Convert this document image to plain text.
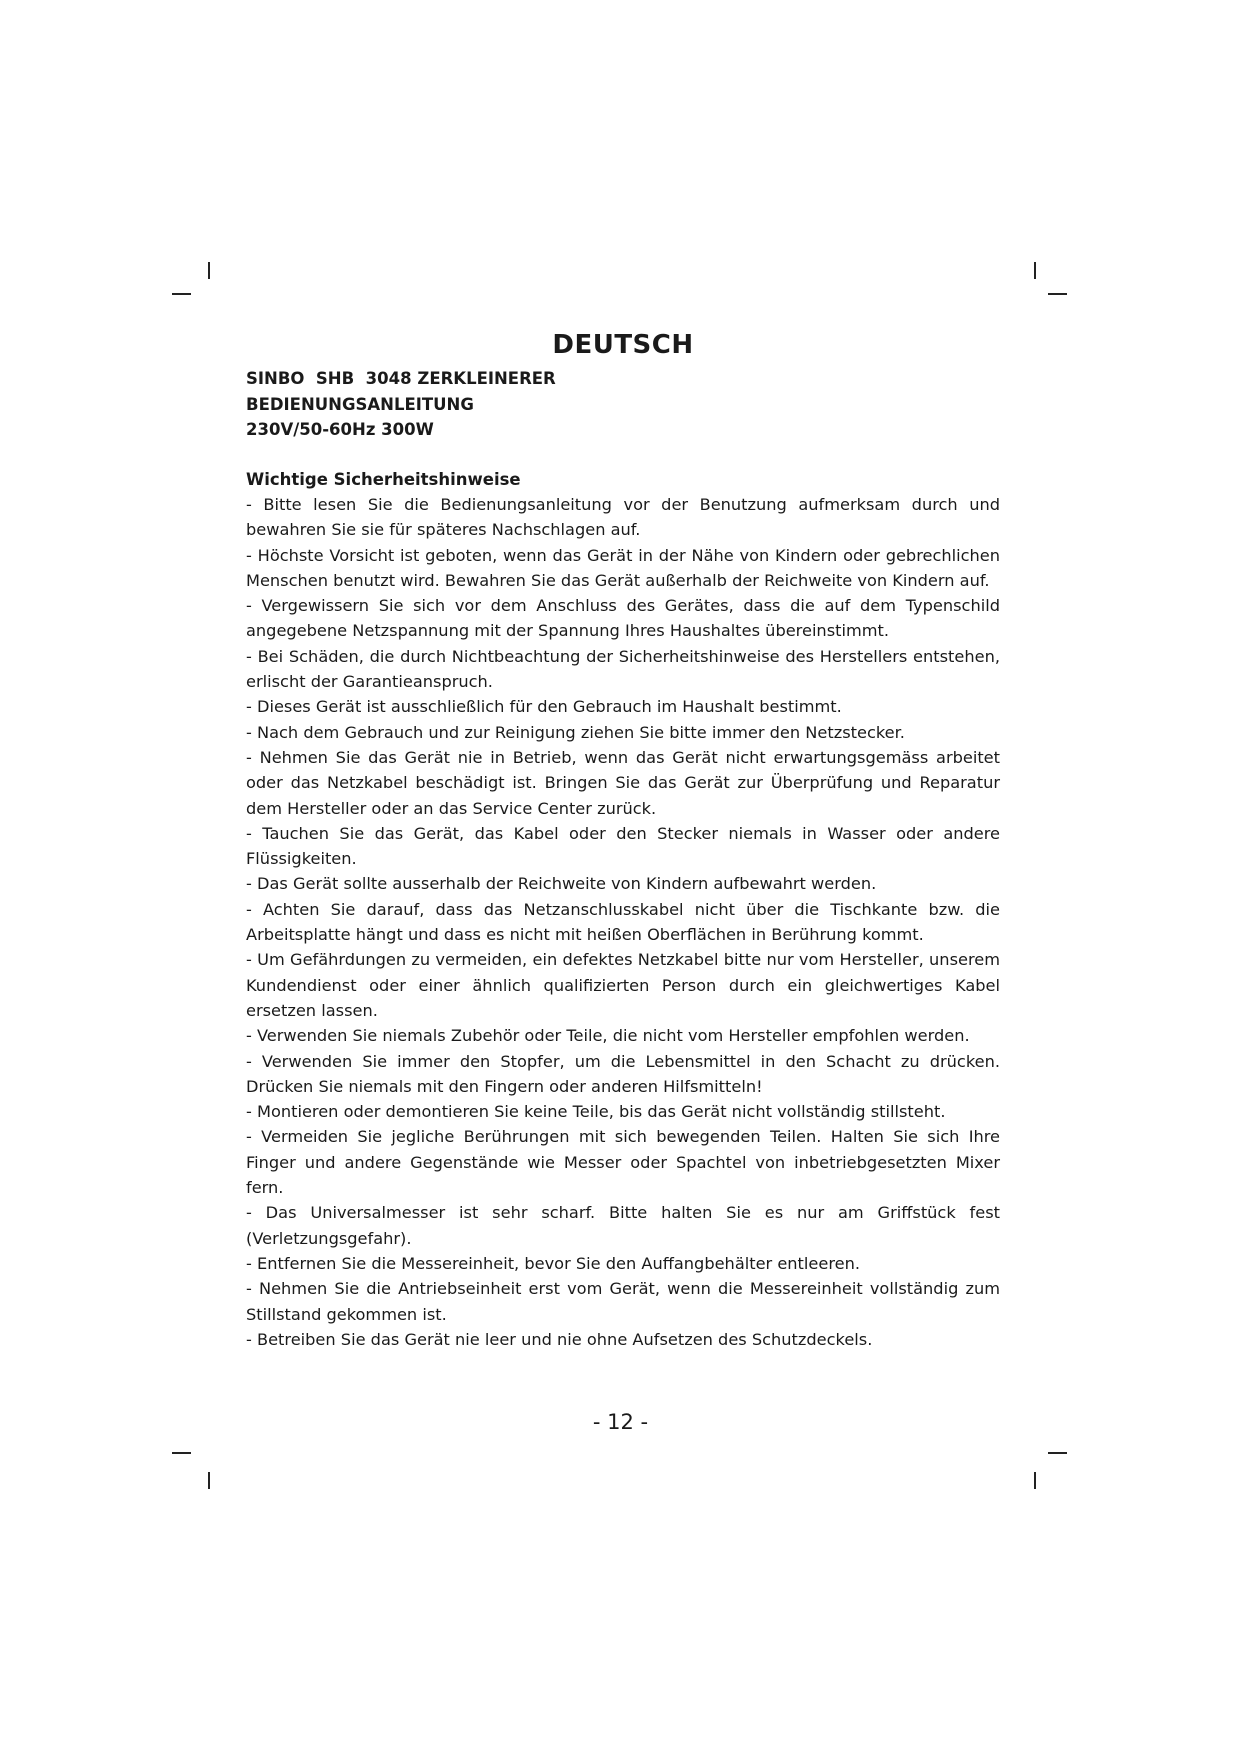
DEUTSCH
SINBO  SHB  3048 ZERKLEINERER
BEDIENUNGSANLEITUNG
230V/50-60Hz 300W

Wichtige Sicherheitshinweise

- Bitte lesen Sie die Bedienungsanleitung vor der Benutzung aufmerksam durch und bewahren Sie sie für späteres Nachschlagen auf.
- Höchste Vorsicht ist geboten, wenn das Gerät in der Nähe von Kindern oder gebrechlichen Menschen benutzt wird. Bewahren Sie das Gerät außerhalb der Reichweite von Kindern auf.
- Vergewissern Sie sich vor dem Anschluss des Gerätes, dass die auf dem Typenschild angegebene Netzspannung mit der Spannung Ihres Haushaltes übereinstimmt.
- Bei Schäden, die durch Nichtbeachtung der Sicherheitshinweise des Herstellers entstehen, erlischt der Garantieanspruch.
- Dieses Gerät ist ausschließlich für den Gebrauch im Haushalt bestimmt.
- Nach dem Gebrauch und zur Reinigung ziehen Sie bitte immer den Netzstecker.
- Nehmen Sie das Gerät nie in Betrieb, wenn das Gerät nicht erwartungsgemäss arbeitet oder das Netzkabel beschädigt ist. Bringen Sie das Gerät zur Überprüfung und Reparatur dem Hersteller oder an das Service Center zurück.
- Tauchen Sie das Gerät, das Kabel oder den Stecker niemals in Wasser oder andere Flüssigkeiten.
- Das Gerät sollte ausserhalb der Reichweite von Kindern aufbewahrt werden.
- Achten Sie darauf, dass das Netzanschlusskabel nicht über die Tischkante bzw. die Arbeitsplatte hängt und dass es nicht mit heißen Oberflächen in Berührung kommt.
- Um Gefährdungen zu vermeiden, ein defektes Netzkabel bitte nur vom Hersteller, unserem Kundendienst oder einer ähnlich qualifizierten Person durch ein gleichwertiges Kabel ersetzen lassen.
- Verwenden Sie niemals Zubehör oder Teile, die nicht vom Hersteller empfohlen werden.
- Verwenden Sie immer den Stopfer, um die Lebensmittel in den Schacht zu drücken. Drücken Sie niemals mit den Fingern oder anderen Hilfsmitteln!
- Montieren oder demontieren Sie keine Teile, bis das Gerät nicht vollständig stillsteht.
- Vermeiden Sie jegliche Berührungen mit sich bewegenden Teilen. Halten Sie sich Ihre Finger und andere Gegenstände wie Messer oder Spachtel von inbetriebgesetzten Mixer fern.
- Das Universalmesser ist sehr scharf. Bitte halten Sie es nur am Griffstück fest (Verletzungsgefahr).
- Entfernen Sie die Messereinheit, bevor Sie den Auffangbehälter entleeren.
- Nehmen Sie die Antriebseinheit erst vom Gerät, wenn die Messereinheit vollständig zum Stillstand gekommen ist.
- Betreiben Sie das Gerät nie leer und nie ohne Aufsetzen des Schutzdeckels.
- 12 -
